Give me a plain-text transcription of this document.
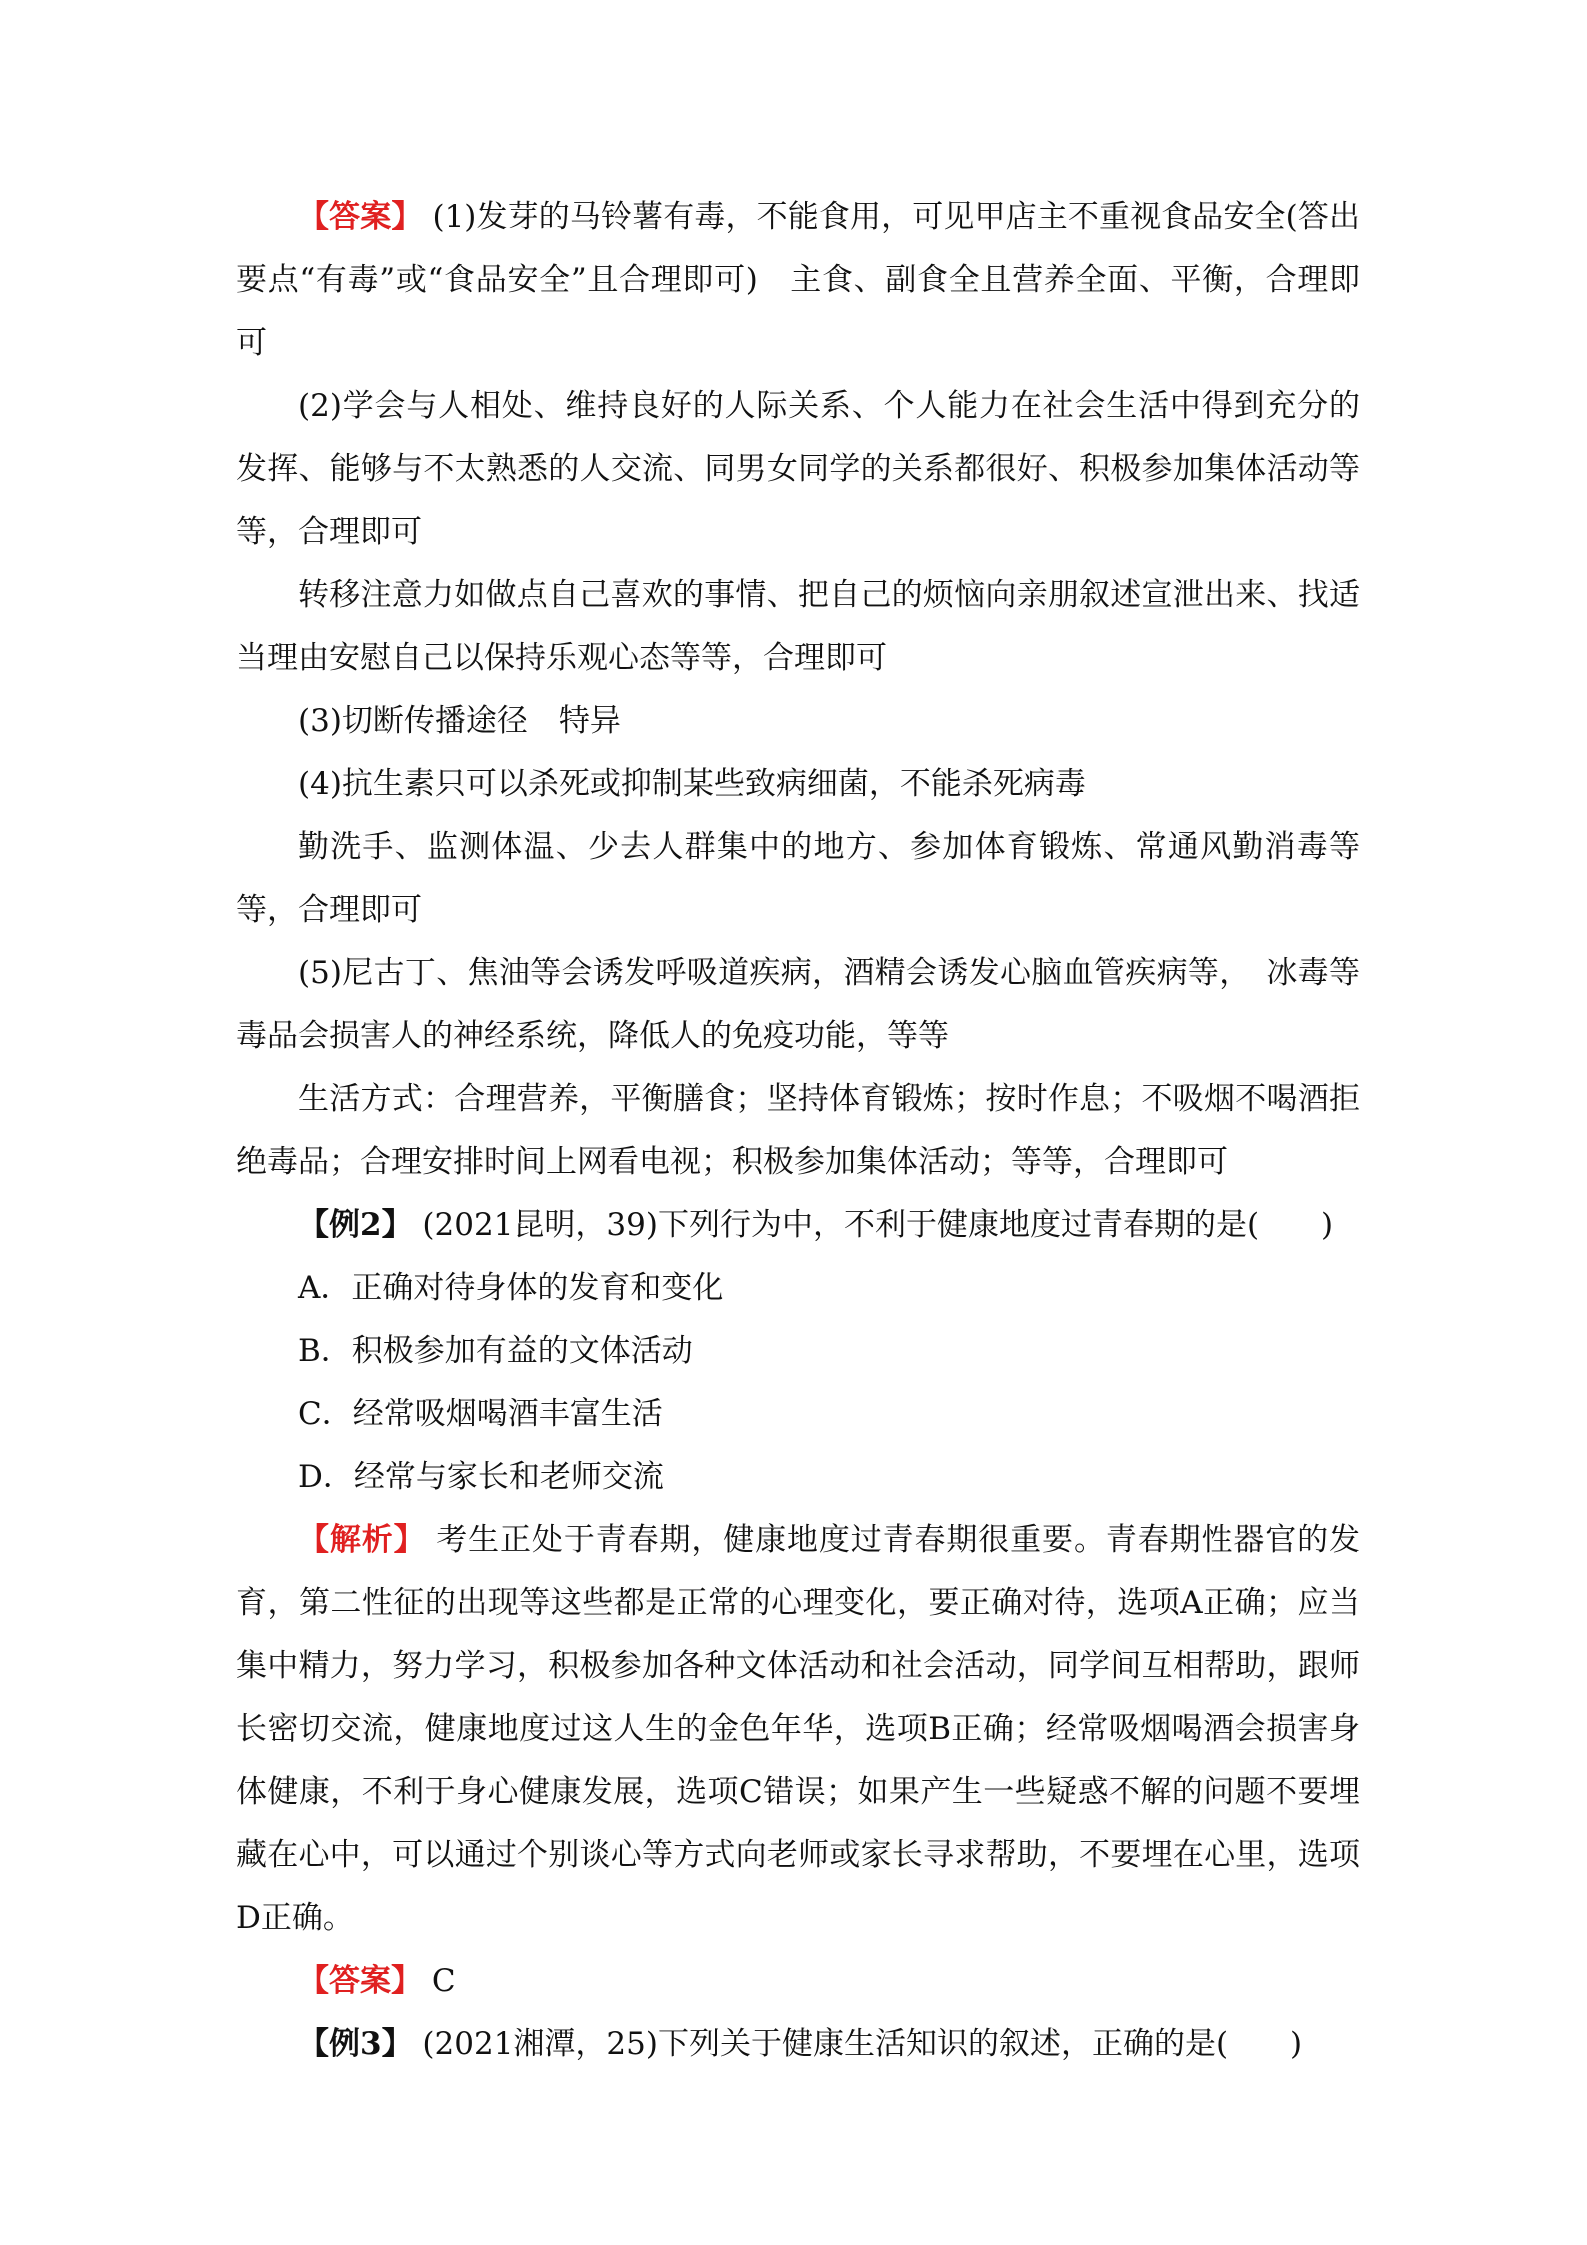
【答案】 (1)发芽的马铃薯有毒，不能食用，可见甲店主不重视食品安全(答出要点“有毒”或“食品安全”且合理即可)　主食、副食全且营养全面、平衡，合理即可

(2)学会与人相处、维持良好的人际关系、个人能力在社会生活中得到充分的发挥、能够与不太熟悉的人交流、同男女同学的关系都很好、积极参加集体活动等等，合理即可

转移注意力如做点自己喜欢的事情、把自己的烦恼向亲朋叙述宣泄出来、找适当理由安慰自己以保持乐观心态等等，合理即可

(3)切断传播途径　特异

(4)抗生素只可以杀死或抑制某些致病细菌，不能杀死病毒

勤洗手、监测体温、少去人群集中的地方、参加体育锻炼、常通风勤消毒等等，合理即可

(5)尼古丁、焦油等会诱发呼吸道疾病，酒精会诱发心脑血管疾病等，　冰毒等毒品会损害人的神经系统，降低人的免疫功能，等等

生活方式：合理营养，平衡膳食；坚持体育锻炼；按时作息；不吸烟不喝酒拒绝毒品；合理安排时间上网看电视；积极参加集体活动；等等，合理即可

【例2】 (2021昆明，39)下列行为中，不利于健康地度过青春期的是(　　)

A．正确对待身体的发育和变化

B．积极参加有益的文体活动

C．经常吸烟喝酒丰富生活

D．经常与家长和老师交流

【解析】 考生正处于青春期，健康地度过青春期很重要。青春期性器官的发育，第二性征的出现等这些都是正常的心理变化，要正确对待，选项A正确；应当集中精力，努力学习，积极参加各种文体活动和社会活动，同学间互相帮助，跟师长密切交流，健康地度过这人生的金色年华，选项B正确；经常吸烟喝酒会损害身体健康，不利于身心健康发展，选项C错误；如果产生一些疑惑不解的问题不要埋藏在心中，可以通过个别谈心等方式向老师或家长寻求帮助，不要埋在心里，选项D正确。

【答案】 C

【例3】 (2021湘潭，25)下列关于健康生活知识的叙述，正确的是(　　)
